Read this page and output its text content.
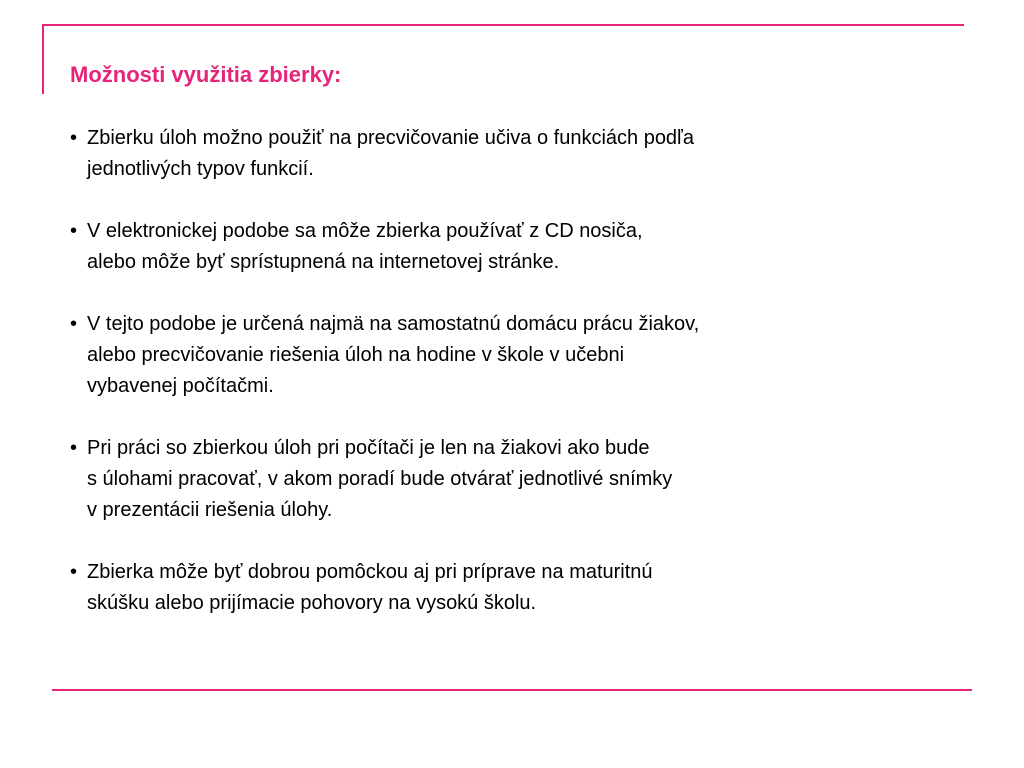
Možnosti využitia zbierky:
• Zbierku úloh možno použiť na precvičovanie učiva o funkciách podľa
jednotlivých typov funkcií.
• V elektronickej podobe sa môže zbierka používať z CD nosiča,
alebo môže byť sprístupnená na internetovej stránke.
• V tejto podobe je určená najmä na samostatnú domácu prácu žiakov,
alebo precvičovanie riešenia úloh na hodine v škole v učebni
vybavenej počítačmi.
• Pri práci so zbierkou úloh pri počítači je len na žiakovi ako bude
s úlohami pracovať, v akom poradí bude otvárať jednotlivé snímky
v prezentácii riešenia úlohy.
• Zbierka môže byť dobrou pomôckou aj pri príprave na maturitnú
skúšku alebo prijímacie pohovory na vysokú školu.
